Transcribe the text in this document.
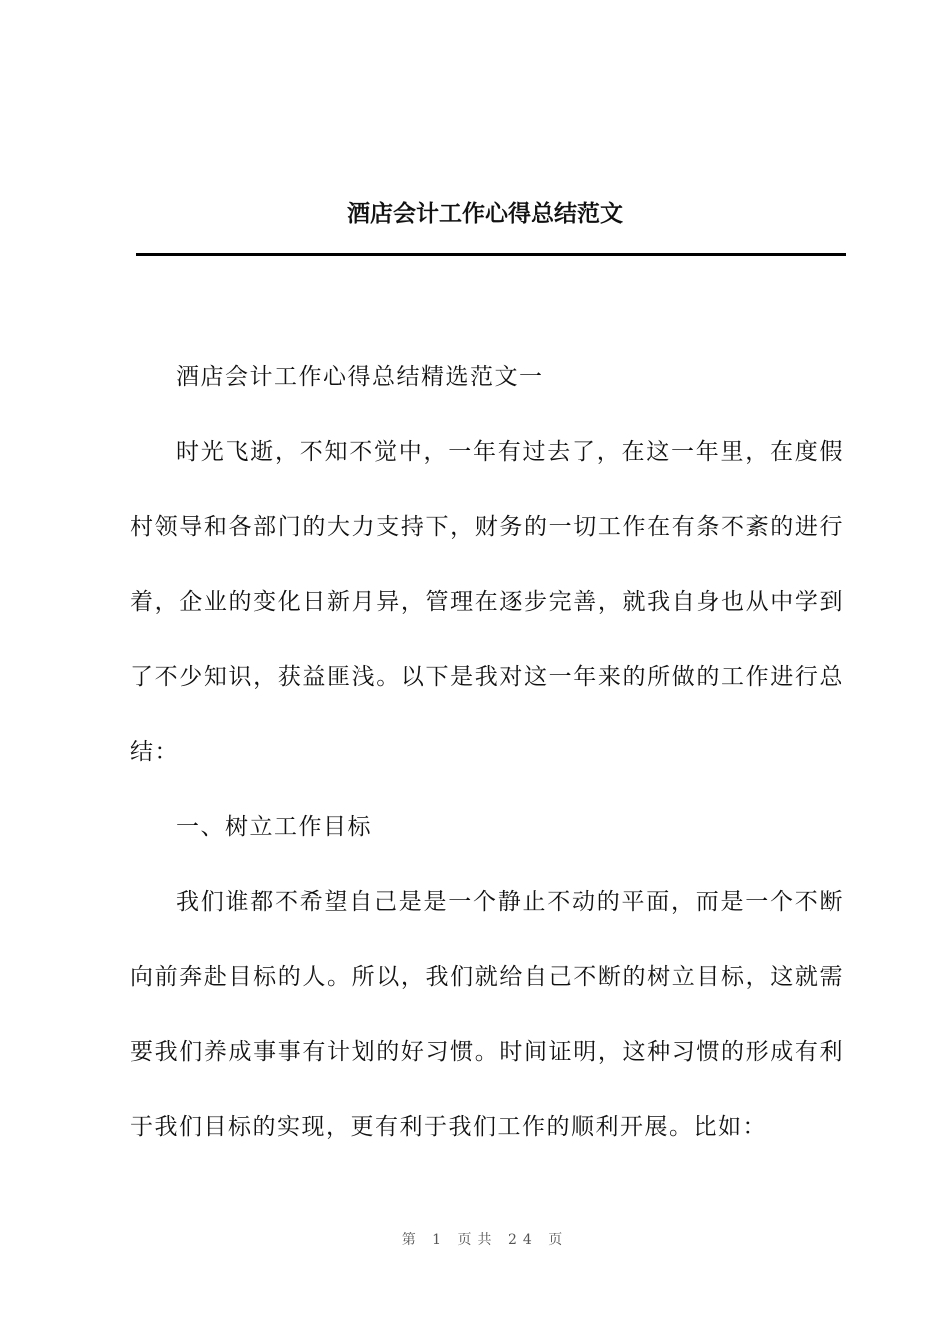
酒店会计工作心得总结范文

酒店会计工作心得总结精选范文一

时光飞逝，不知不觉中，一年有过去了，在这一年里，在度假村领导和各部门的大力支持下，财务的一切工作在有条不紊的进行着，企业的变化日新月异，管理在逐步完善，就我自身也从中学到了不少知识，获益匪浅。以下是我对这一年来的所做的工作进行总结：

一、树立工作目标

我们谁都不希望自己是是一个静止不动的平面，而是一个不断向前奔赴目标的人。所以，我们就给自己不断的树立目标，这就需要我们养成事事有计划的好习惯。时间证明，这种习惯的形成有利于我们目标的实现，更有利于我们工作的顺利开展。比如：

第 1 页共 24 页
